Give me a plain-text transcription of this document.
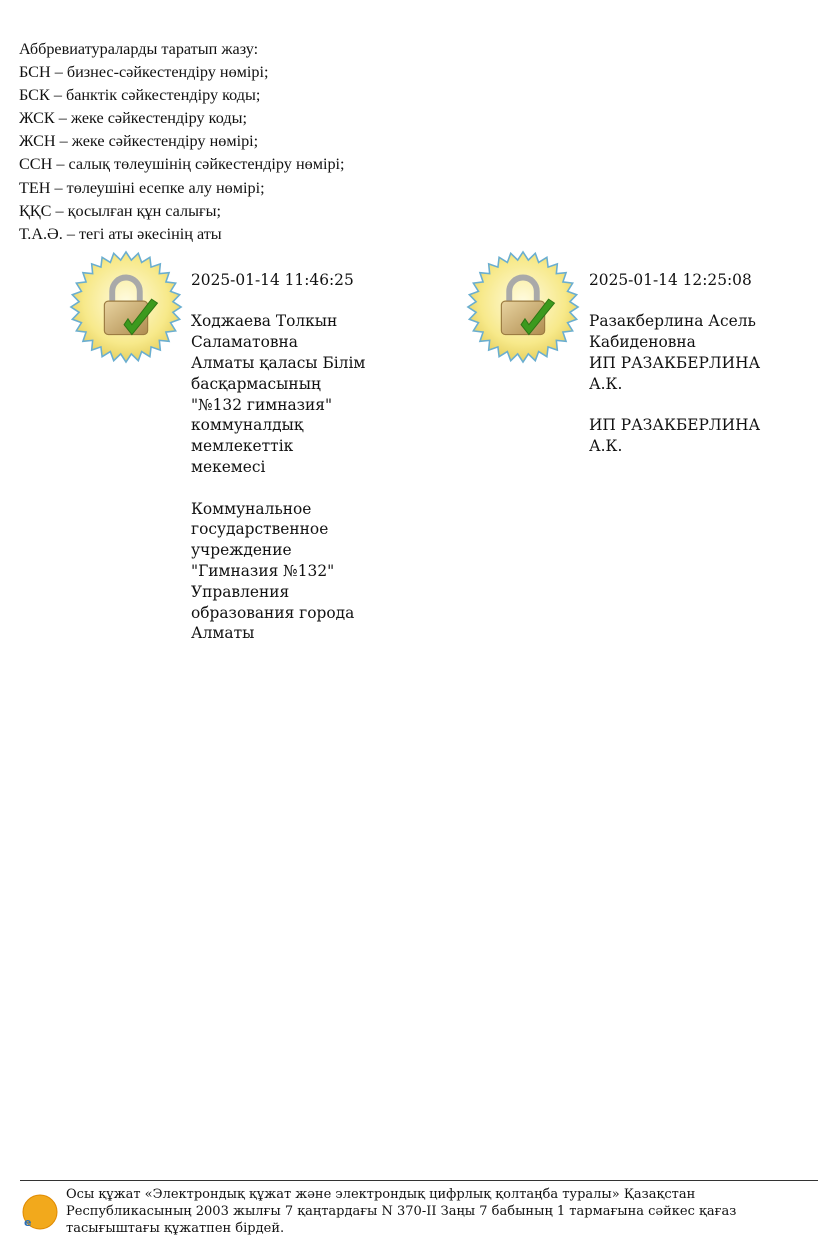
Аббревиатураларды таратып жазу:
БСН – бизнес-сәйкестендіру нөмірі;
БСК – банктік сәйкестендіру коды;
ЖСК – жеке сәйкестендіру коды;
ЖСН – жеке сәйкестендіру нөмірі;
ССН – салық төлеушінің сәйкестендіру нөмірі;
ТЕН – төлеушіні есепке алу нөмірі;
ҚҚС – қосылған құн салығы;
Т.А.Ә. – тегі аты әкесінің аты

2025-01-14 11:46:25

Ходжаева Толкын
Саламатовна
Алматы қаласы Білім
басқармасының
"№132 гимназия"
коммуналдық
мемлекеттік
мекемесі

Коммунальное
государственное
учреждение
"Гимназия №132"
Управления
образования города
Алматы

2025-01-14 12:25:08

Разакберлина Асель
Кабиденовна
ИП РАЗАКБЕРЛИНА
А.К.

ИП РАЗАКБЕРЛИНА
А.К.

e
Осы құжат «Электрондық құжат және электрондық цифрлық қолтаңба туралы» Қазақстан
Республикасының 2003 жылғы 7 қаңтардағы N 370-II Заңы 7 бабының 1 тармағына сәйкес қағаз
тасығыштағы құжатпен бірдей.
